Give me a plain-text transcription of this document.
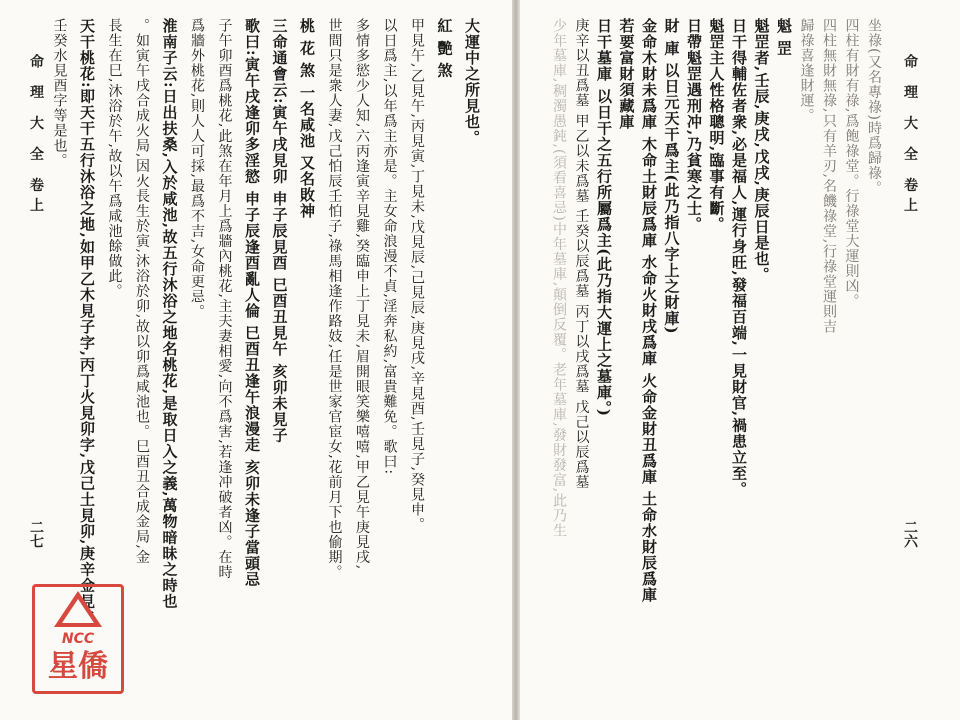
命 理 大 全 卷上
二七
大運中之所見也。
紅 艷 煞
甲見午,乙見午,丙見寅,丁見未,戊見辰,己見辰,庚見戌,辛見酉,壬見子,癸見申。
以日爲主,以年爲主亦是。主女命浪漫不貞,淫奔私約,富貴難免。歌曰:
多情多慾少人知,六丙逢寅辛見雞,癸臨申上丁見未,眉開眼笑樂嘻嘻,甲乙見午庚見戌,
世間只是衆人妻,戊己怕辰壬怕子,祿馬相逢作路妓,任是世家官宦女,花前月下也偷期。
桃 花 煞 一名咸池 又名敗神
三命通會云:寅午戌見卯 申子辰見酉 巳酉丑見午 亥卯未見子
歌曰:寅午戌逢卯多淫慾 申子辰逢酉亂人倫 巳酉丑逢午浪漫走 亥卯未逢子當頭忌
子午卯酉爲桃花,此煞在年月上爲牆內桃花,主夫妻相愛,向不爲害,若逢冲破者凶。在時
爲牆外桃花,則人人可採,最爲不吉,女命更忌。
淮南子云:日出扶桑,入於咸池,故五行沐浴之地名桃花,是取日入之義,萬物暗昧之時也
。如寅午戌合成火局,因火長生於寅,沐浴於卯,故以卯爲咸池也。巳酉丑合成金局,金
長生在巳,沐浴於午,故以午爲咸池餘做此。
天干桃花:即天干五行沐浴之地,如甲乙木見子字,丙丁火見卯字,戊己土見卯,庚辛金見午
壬癸水見酉字等是也。	命 理 大 全 卷上
二六
坐祿(又名專祿)時爲歸祿。
四柱有財有祿,爲飽祿堂。行祿堂大運則凶。
四柱無財無祿,只有羊刃,名饑祿堂,行祿堂運則吉
歸祿喜逢財運。
魁 罡
魁罡者,壬辰,庚戌,戊戌,庚辰日是也。
日干得輔佐者衆,必是福人,運行身旺,發福百端,一見財官,禍患立至。
魁罡主人性格聰明,臨事有斷。
日帶魁罡遇刑冲,乃貧寒之士。
財 庫 以日元天干爲主(此乃指八字上之財庫)
金命木財未爲庫 木命土財辰爲庫 水命火財戌爲庫 火命金財丑爲庫 土命水財辰爲庫
若要富財須藏庫
日干墓庫 以日干之五行所屬爲主(此乃指大運上之墓庫。)
庚辛以丑爲墓 甲乙以未爲墓 壬癸以辰爲墓 丙丁以戌爲墓 戊己以辰爲墓
少年墓庫,稠濁愚鈍,(須看喜忌)中年墓庫,顛倒反覆。老年墓庫,發財發富,此乃生
NCC
星僑
